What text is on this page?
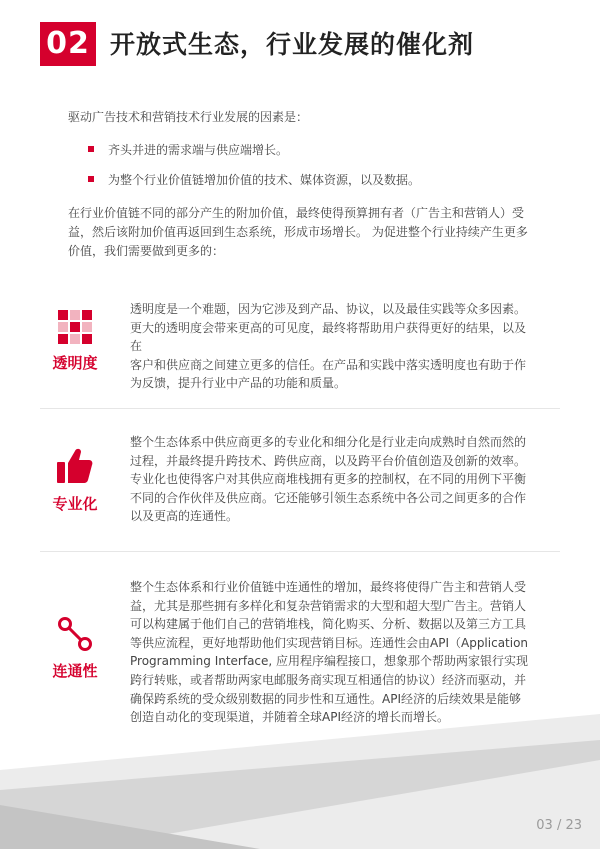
02 开放式生态，行业发展的催化剂
驱动广告技术和营销技术行业发展的因素是：
齐头并进的需求端与供应端增长。
为整个行业价值链增加价值的技术、媒体资源，以及数据。
在行业价值链不同的部分产生的附加价值，最终使得预算拥有者（广告主和营销人）受
益，然后该附加价值再返回到生态系统，形成市场增长。 为促进整个行业持续产生更多
价值，我们需要做到更多的：
透明度
透明度是一个难题，因为它涉及到产品、协议，以及最佳实践等众多因素。
更大的透明度会带来更高的可见度，最终将帮助用户获得更好的结果，以及在
客户和供应商之间建立更多的信任。在产品和实践中落实透明度也有助于作
为反馈，提升行业中产品的功能和质量。
专业化
整个生态体系中供应商更多的专业化和细分化是行业走向成熟时自然而然的
过程，并最终提升跨技术、跨供应商，以及跨平台价值创造及创新的效率。
专业化也使得客户对其供应商堆栈拥有更多的控制权，在不同的用例下平衡
不同的合作伙伴及供应商。它还能够引领生态系统中各公司之间更多的合作
以及更高的连通性。
连通性
整个生态体系和行业价值链中连通性的增加，最终将使得广告主和营销人受
益，尤其是那些拥有多样化和复杂营销需求的大型和超大型广告主。营销人
可以构建属于他们自己的营销堆栈，简化购买、分析、数据以及第三方工具
等供应流程，更好地帮助他们实现营销目标。连通性会由API（Application
Programming Interface, 应用程序编程接口，想象那个帮助两家银行实现
跨行转账，或者帮助两家电邮服务商实现互相通信的协议）经济而驱动，并
确保跨系统的受众级别数据的同步性和互通性。API经济的后续效果是能够
创造自动化的变现渠道，并随着全球API经济的增长而增长。
03 / 23
